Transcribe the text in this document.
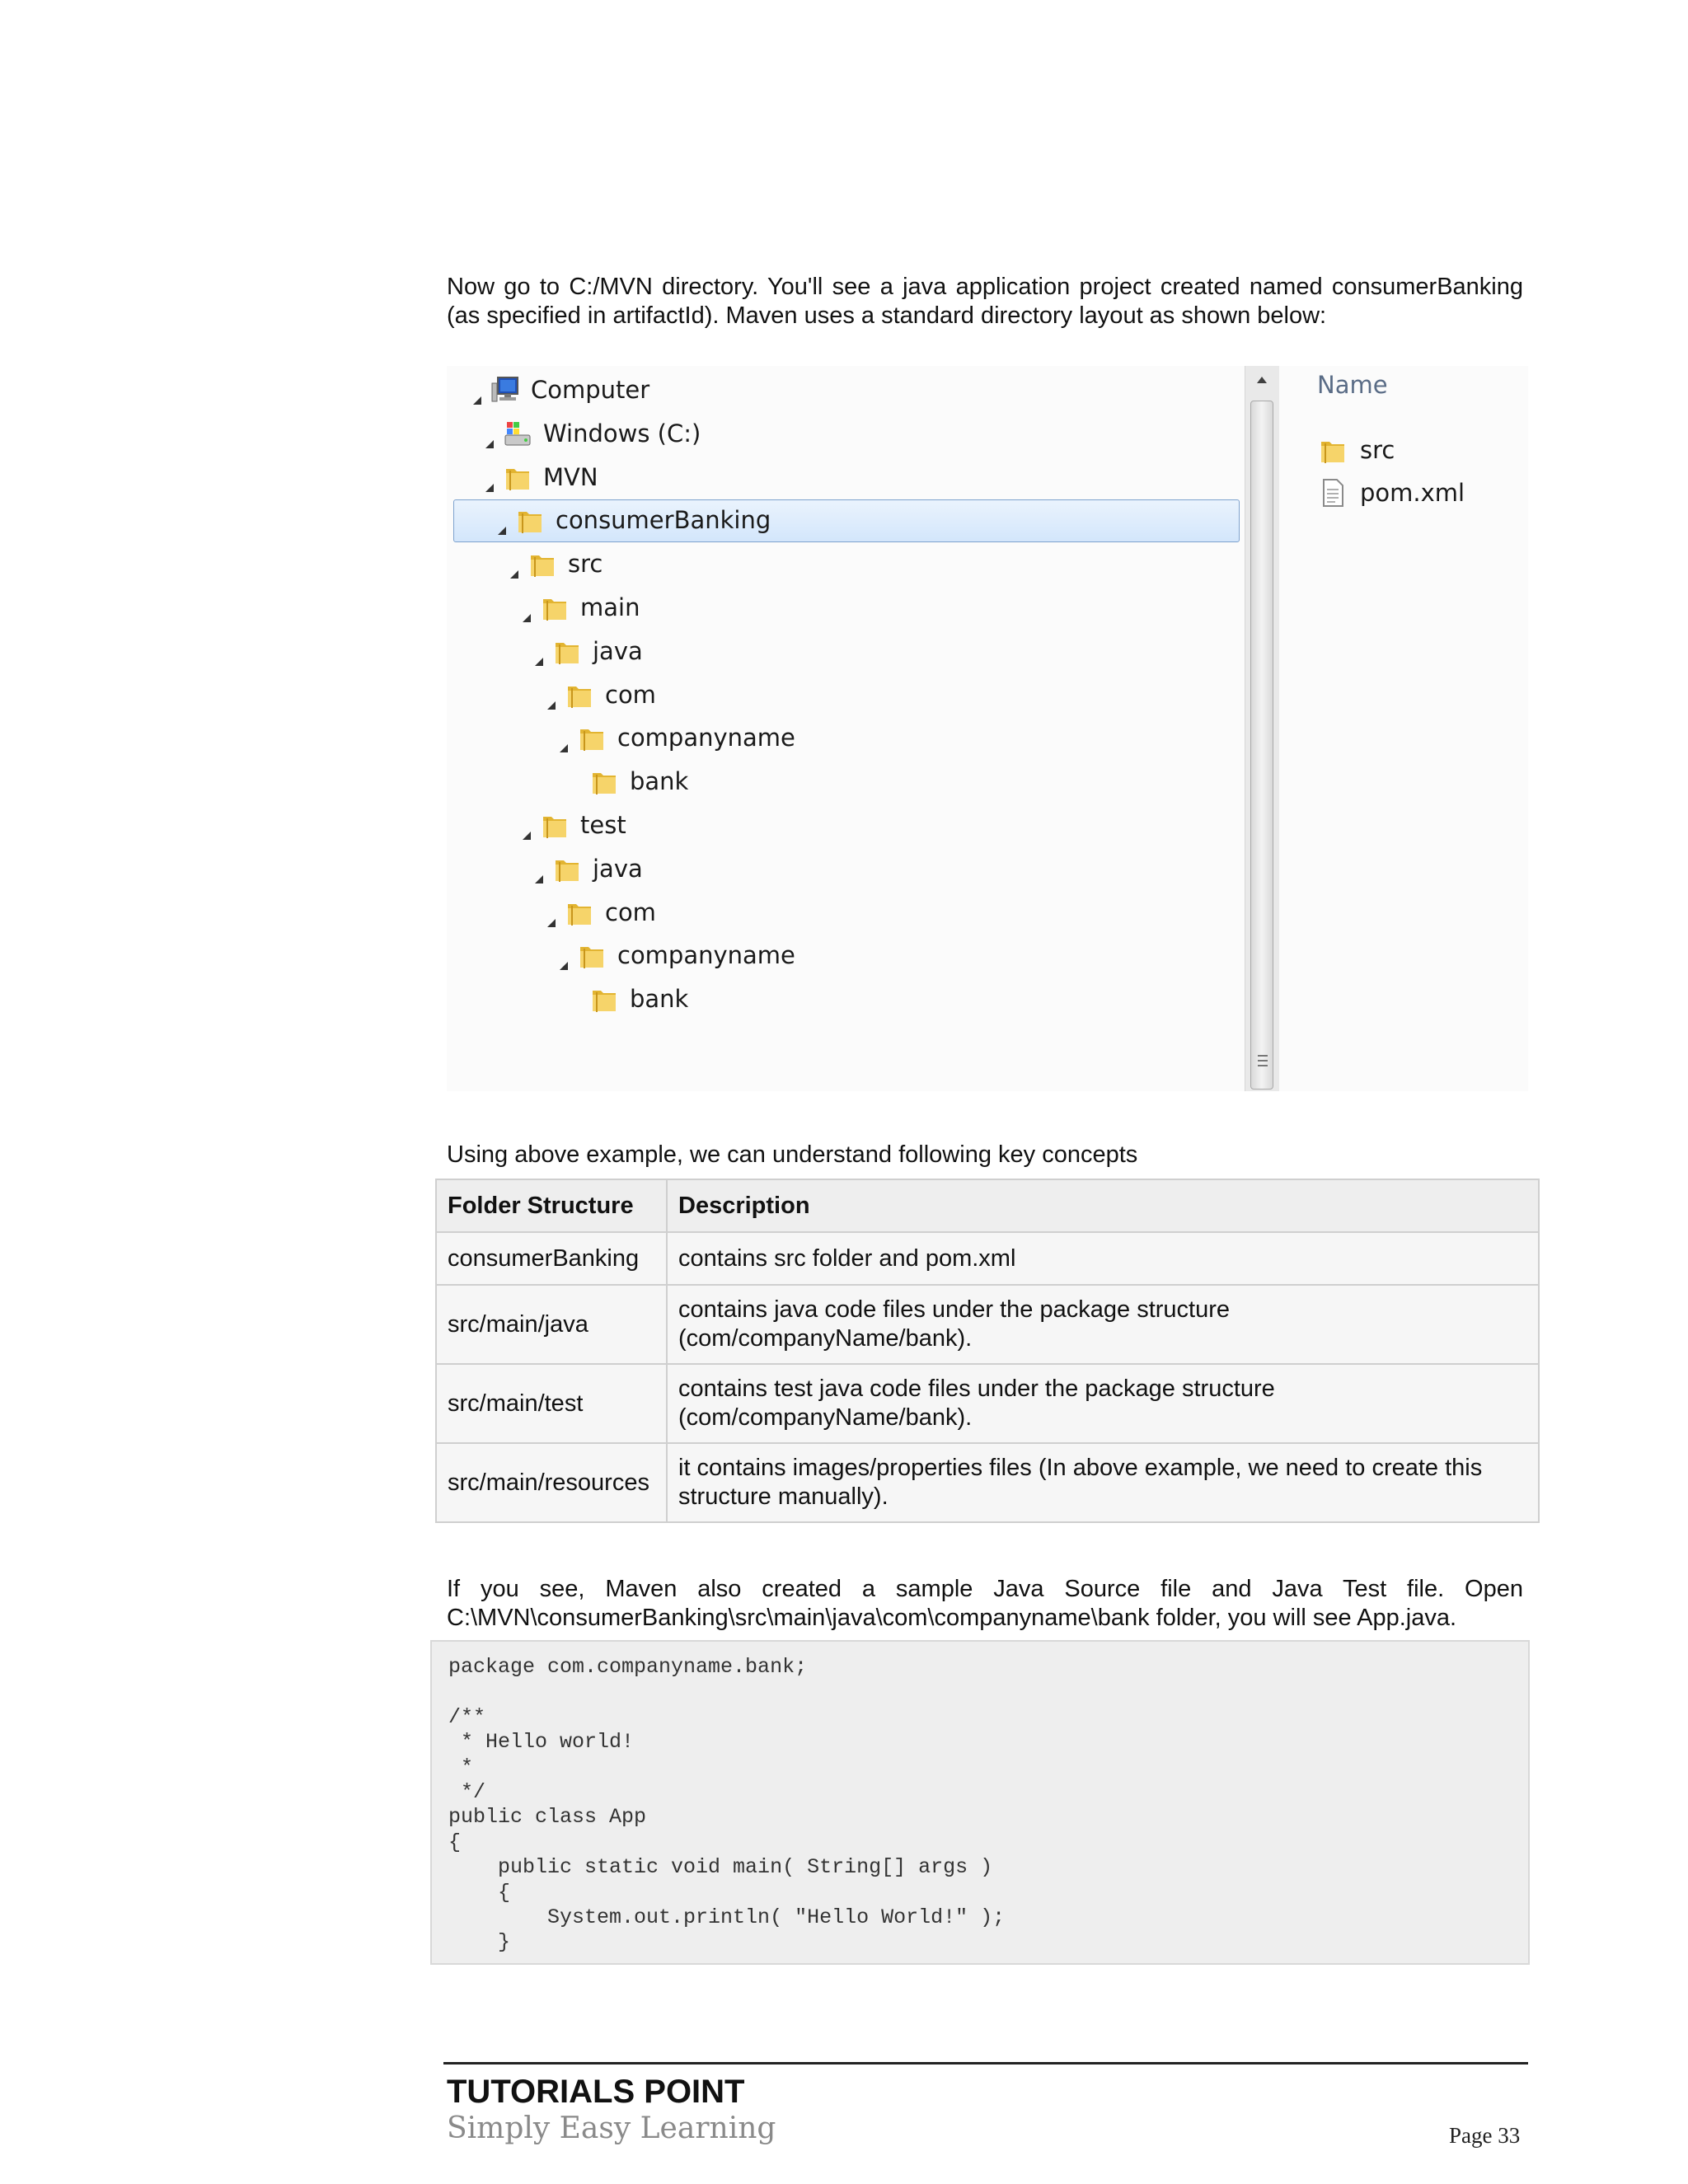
Now go to C:/MVN directory. You'll see a java application project created named consumerBanking (as specified in artifactId). Maven uses a standard directory layout as shown below:

Computer
Windows (C:)
MVN
consumerBanking
src
main
java
com
companyname
bank
test
java
com
companyname
bank
Name
src
pom.xml

Using above example, we can understand following key concepts

Folder Structure	Description
consumerBanking	contains src folder and pom.xml
src/main/java	contains java code files under the package structure (com/companyName/bank).
src/main/test	contains test java code files under the package structure (com/companyName/bank).
src/main/resources	it contains images/properties files (In above example, we need to create this structure manually).

If you see, Maven also created a sample Java Source file and Java Test file. Open C:\MVN\consumerBanking\src\main\java\com\companyname\bank folder, you will see App.java.

package com.companyname.bank;

/**
* Hello world!
*
*/
public class App
{
public static void main( String[] args )
{
System.out.println( "Hello World!" );
}
TUTORIALS POINT
Simply Easy Learning	Page 33
